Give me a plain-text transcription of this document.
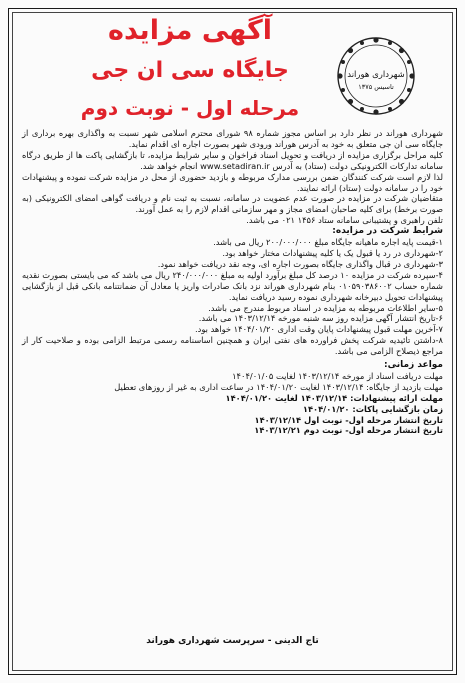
آگهی مزایده
جایگاه سی ان جی
مرحله اول - نوبت دوم
شهرداری هوراند
تاسیس ۱۳۷۵

شهرداری هوراند در نظر دارد بر اساس مجوز شماره ۹۸ شورای محترم اسلامی شهر نسبت به واگذاری بهره برداری از جایگاه سی ان جی متعلق به خود به آدرس هوراند ورودی شهر بصورت اجاره ای اقدام نماید.

کلیه مراحل برگزاری مزایده از دریافت و تحویل اسناد فراخوان و سایر شرایط مزایده، تا بازگشایی پاکت ها از طریق درگاه سامانه تدارکات الکترونیکی دولت (ستاد) به آدرس www.setadiran.ir انجام خواهد شد.

لذا لازم است شرکت کنندگان ضمن بررسی مدارک مربوطه و بازدید حضوری از محل در مزایده شرکت نموده و پیشنهادات خود را در سامانه دولت (ستاد) ارائه نمایند.

متقاضیان شرکت در مزایده در صورت عدم عضویت در سامانه، نسبت به ثبت نام و دریافت گواهی امضای الکترونیکی (به صورت برخط) برای کلیه صاحبان امضای مجاز و مهر سازمانی اقدام لازم را به عمل آورند.

تلفن راهبری و پشتیبانی سامانه ستاد ۱۴۵۶ ۰۲۱ می باشد.

شرایط شرکت در مزایده:

۱-قیمت پایه اجاره ماهیانه جایگاه مبلغ ۲۰۰/۰۰۰/۰۰۰ ریال می باشد.

۲-شهرداری در رد یا قبول یک یا کلیه پیشنهادات مختار خواهد بود.

۳-شهرداری در قبال واگذاری جایگاه بصورت اجاره ای، وجه نقد دریافت خواهد نمود.

۴-سپرده شرکت در مزایده ۱۰ درصد کل مبلغ برآورد اولیه به مبلغ ۲۴۰/۰۰۰/۰۰۰ ریال می باشد که می بایستی بصورت نقدیه شماره حساب ۰۱۰۵۹۰۳۸۶۰۰۲ بنام شهرداری هوراند نزد بانک صادرات واریز یا معادل آن ضمانتنامه بانکی قبل از بازگشایی پیشنهادات تحویل دبیرخانه شهرداری نموده رسید دریافت نماید.

۵-سایر اطلاعات مربوطه به مزایده در اسناد مربوط مندرج می باشد.

۶-تاریخ انتشار آگهی مزایده روز سه شنبه مورخه ۱۴۰۳/۱۲/۱۴ می باشد.

۷-آخرین مهلت قبول پیشنهادات پایان وقت اداری ۱۴۰۴/۰۱/۲۰ خواهد بود.

۸-داشتن تائیدیه شرکت پخش فراورده های نفتی ایران و همچنین اساسنامه رسمی مرتبط الزامی بوده و صلاحیت کار از مراجع ذیصلاح الزامی می باشد.

مواعد زمانی:

مهلت دریافت اسناد از مورخه ۱۴۰۳/۱۲/۱۴ لغایت ۱۴۰۴/۰۱/۰۵

مهلت بازدید از جایگاه: ۱۴۰۳/۱۲/۱۴ لغایت ۱۴۰۴/۰۱/۲۰ در ساعت اداری به غیر از روزهای تعطیل

مهلت ارائه پیشنهادات: ۱۴۰۳/۱۲/۱۴ لغایت ۱۴۰۴/۰۱/۲۰

زمان بازگشایی پاکات: ۱۴۰۴/۰۱/۲۰

تاریخ انتشار مرحله اول- نوبت اول ۱۴۰۳/۱۲/۱۴

تاریخ انتشار مرحله اول- نوبت دوم ۱۴۰۳/۱۲/۲۱

تاج الدینی - سرپرست شهرداری هوراند
